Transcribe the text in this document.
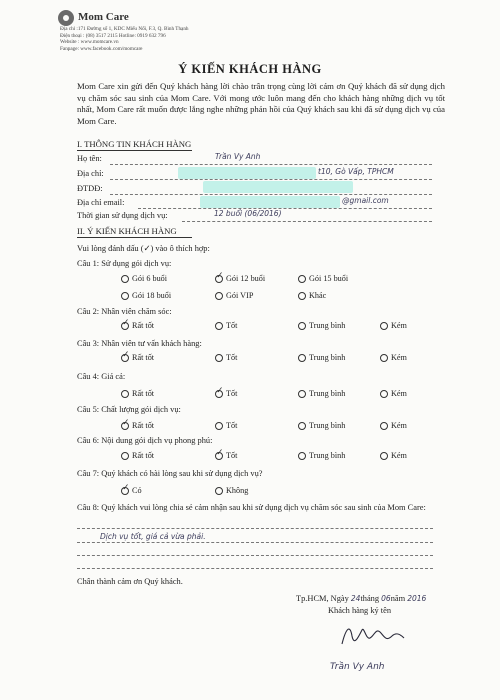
Mom Care
Địa chỉ :171 Đường số 1, KDC Miếu Nổi, F.3, Q. Bình Thạnh
Điện thoại : (08) 3517 2115 Hotline: 0919 632 796
Website : www.momcare.vn
Fanpage: www.facebook.com/momcare
Ý KIẾN KHÁCH HÀNG
Mom Care xin gửi đến Quý khách hàng lời chào trân trọng cùng lời cám ơn Quý khách đã sử dụng dịch vụ chăm sóc sau sinh của Mom Care. Với mong ước luôn mang đến cho khách hàng những dịch vụ tốt nhất, Mom Care rất muốn được lắng nghe những phản hồi của Quý khách sau khi đã sử dụng dịch vụ của Mom Care.
I. THÔNG TIN KHÁCH HÀNG
Họ tên:	Trần Vy Anh
Địa chỉ:	t10, Gò Vấp, TPHCM
ĐTDĐ:
Địa chỉ email:	@gmail.com
Thời gian sử dụng dịch vụ:	12 buổi (06/2016)
II. Ý KIẾN KHÁCH HÀNG
Vui lòng đánh dấu (✓) vào ô thích hợp:
Câu 1: Sử dụng gói dịch vụ:
Gói 6 buổi	✓ Gói 12 buổi	Gói 15 buổi
Gói 18 buổi	Gói VIP	Khác
Câu 2: Nhân viên chăm sóc:
✓ Rất tốt	Tốt	Trung bình	Kém
Câu 3: Nhân viên tư vấn khách hàng:
✓ Rất tốt	Tốt	Trung bình	Kém
Câu 4: Giá cả:
Rất tốt	✓ Tốt	Trung bình	Kém
Câu 5: Chất lượng gói dịch vụ:
✓ Rất tốt	Tốt	Trung bình	Kém
Câu 6: Nội dung gói dịch vụ phong phú:
Rất tốt	✓ Tốt	Trung bình	Kém
Câu 7: Quý khách có hài lòng sau khi sử dụng dịch vụ?
✓ Có	Không
Câu 8: Quý khách vui lòng chia sẻ cảm nhận sau khi sử dụng dịch vụ chăm sóc sau sinh của Mom Care:
Dịch vụ tốt, giá cả vừa phải.
Chân thành cảm ơn Quý khách.
Tp.HCM, Ngày 24tháng 06năm 2016
Khách hàng ký tên
Trần Vy Anh
